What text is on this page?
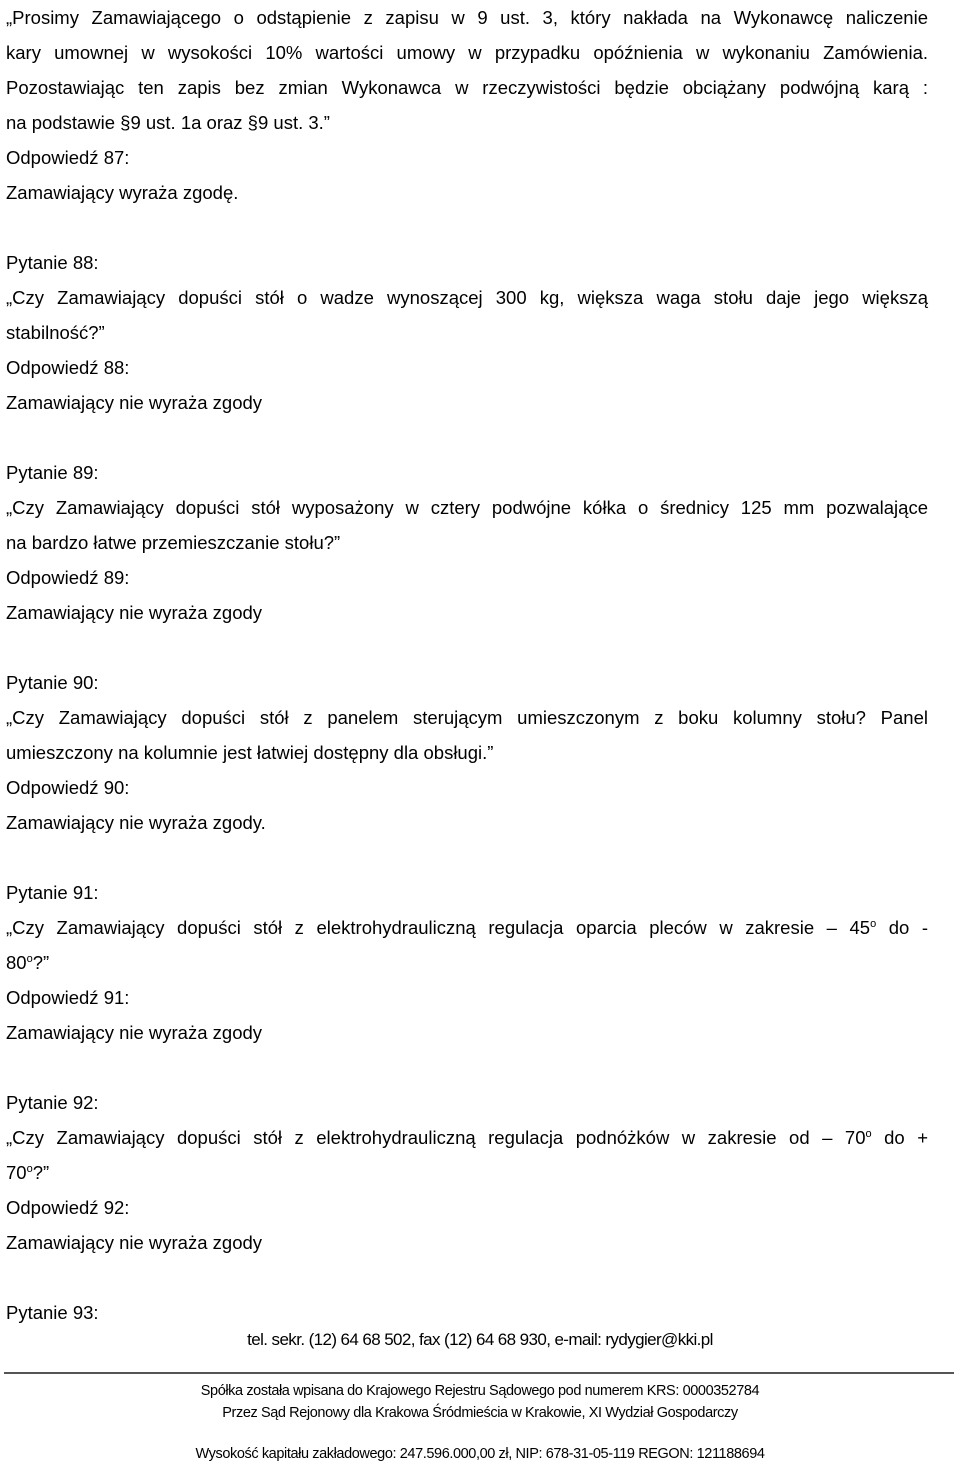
„Prosimy Zamawiającego o odstąpienie z zapisu w 9 ust. 3, który nakłada na Wykonawcę naliczenie

kary umownej w wysokości 10% wartości umowy w przypadku opóźnienia w wykonaniu Zamówienia.

Pozostawiając ten zapis bez zmian Wykonawca w rzeczywistości będzie obciążany podwójną karą :

na podstawie §9 ust. 1a oraz §9 ust. 3.”

Odpowiedź 87:

Zamawiający wyraża zgodę.

Pytanie 88:

„Czy Zamawiający dopuści stół o wadze wynoszącej 300 kg, większa waga stołu daje jego większą

stabilność?”

Odpowiedź 88:

Zamawiający nie wyraża zgody

Pytanie 89:

„Czy Zamawiający dopuści stół wyposażony w cztery podwójne kółka o średnicy 125 mm pozwalające

na bardzo łatwe przemieszczanie stołu?”

Odpowiedź 89:

Zamawiający nie wyraża zgody

Pytanie 90:

„Czy Zamawiający dopuści stół z panelem sterującym umieszczonym z boku kolumny stołu? Panel

umieszczony na kolumnie jest łatwiej dostępny dla obsługi.”

Odpowiedź 90:

Zamawiający nie wyraża zgody.

Pytanie 91:

„Czy Zamawiający dopuści stół z elektrohydrauliczną regulacja oparcia pleców w zakresie – 45$^o$ do -

80$^o$?”

Odpowiedź 91:

Zamawiający nie wyraża zgody

Pytanie 92:

„Czy Zamawiający dopuści stół z elektrohydrauliczną regulacja podnóżków w zakresie od – 70$^o$ do +

70$^o$?”

Odpowiedź 92:

Zamawiający nie wyraża zgody

Pytanie 93:

tel. sekr. (12) 64 68 502, fax (12) 64 68 930, e-mail: rydygier@kki.pl
Spółka została wpisana do Krajowego Rejestru Sądowego pod numerem KRS: 0000352784
Przez Sąd Rejonowy dla Krakowa Śródmieścia w Krakowie, XI Wydział Gospodarczy
Wysokość kapitału zakładowego: 247.596.000,00 zł, NIP: 678-31-05-119 REGON: 121188694
